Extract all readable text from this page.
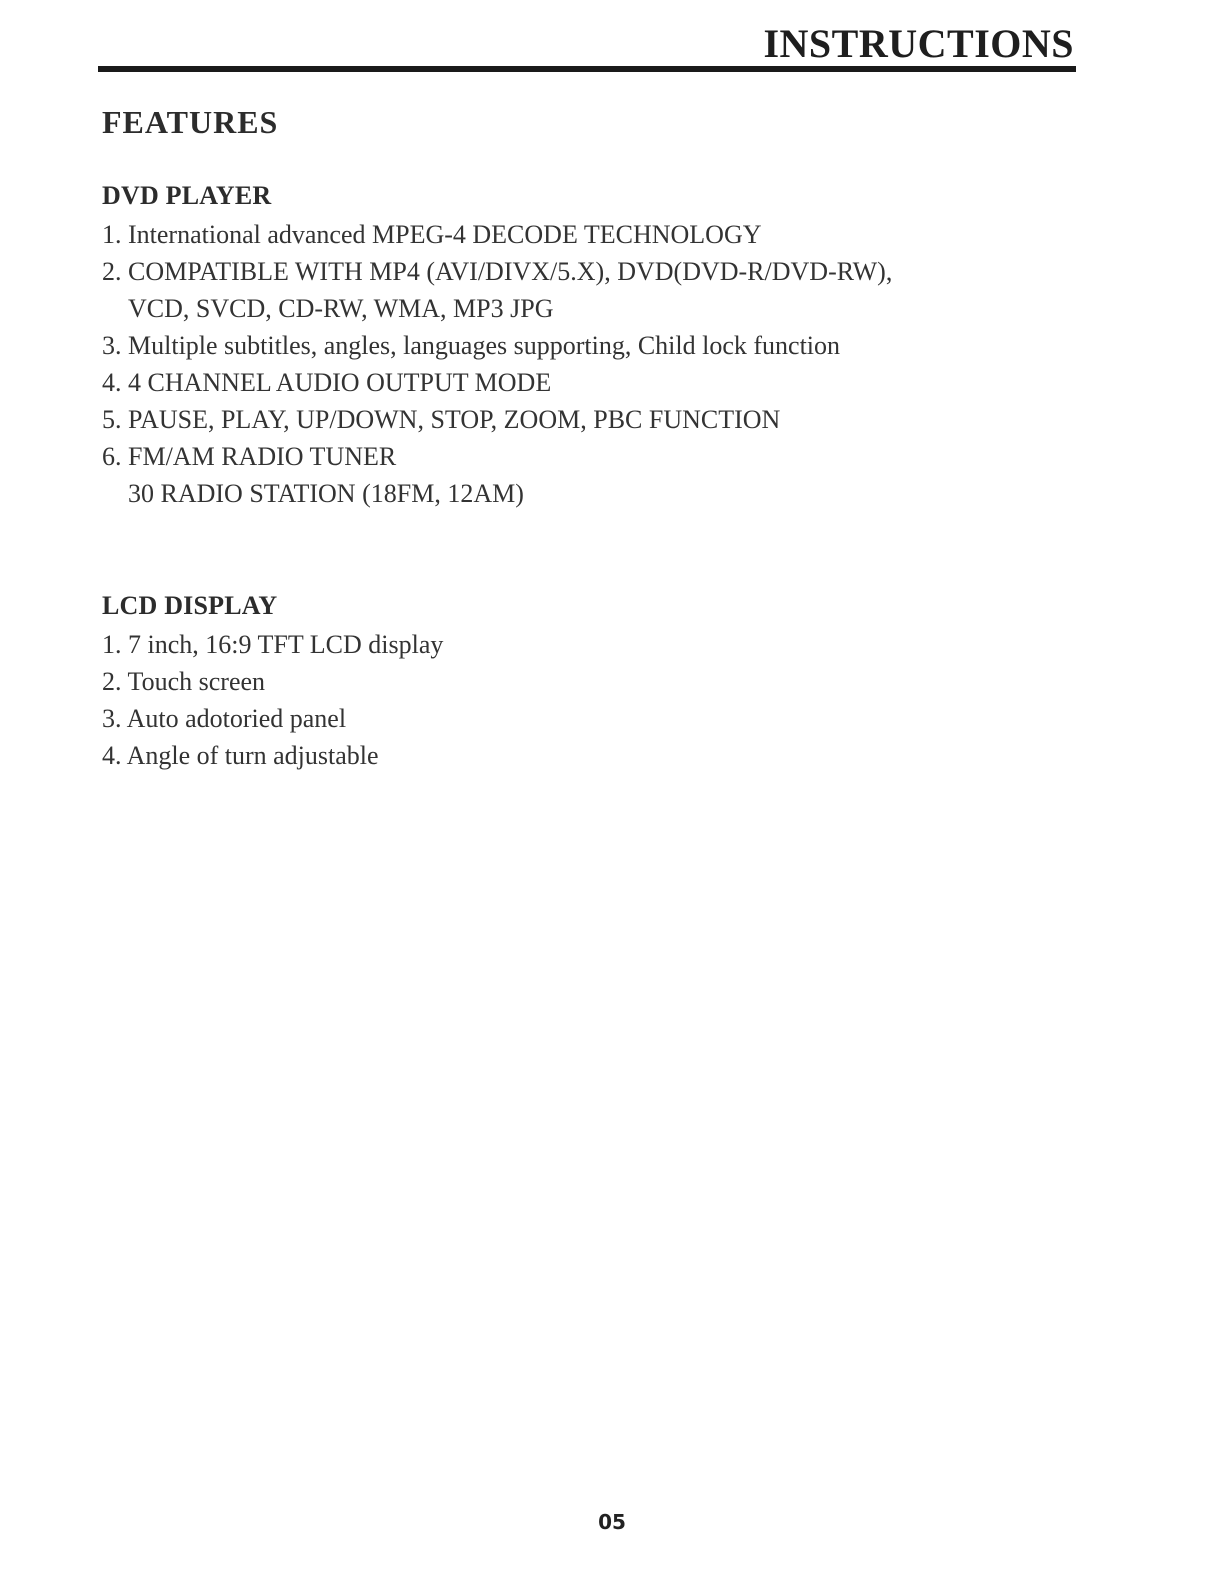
INSTRUCTIONS
FEATURES
DVD PLAYER
1. International advanced MPEG-4 DECODE TECHNOLOGY
2. COMPATIBLE WITH MP4 (AVI/DIVX/5.X), DVD(DVD-R/DVD-RW),
VCD, SVCD, CD-RW, WMA, MP3 JPG
3. Multiple subtitles, angles, languages supporting, Child lock function
4. 4 CHANNEL AUDIO OUTPUT MODE
5. PAUSE, PLAY, UP/DOWN, STOP, ZOOM, PBC FUNCTION
6. FM/AM RADIO TUNER
30 RADIO STATION (18FM, 12AM)
LCD DISPLAY
1. 7 inch, 16:9 TFT LCD display
2. Touch screen
3. Auto adotoried panel
4. Angle of turn adjustable
05
